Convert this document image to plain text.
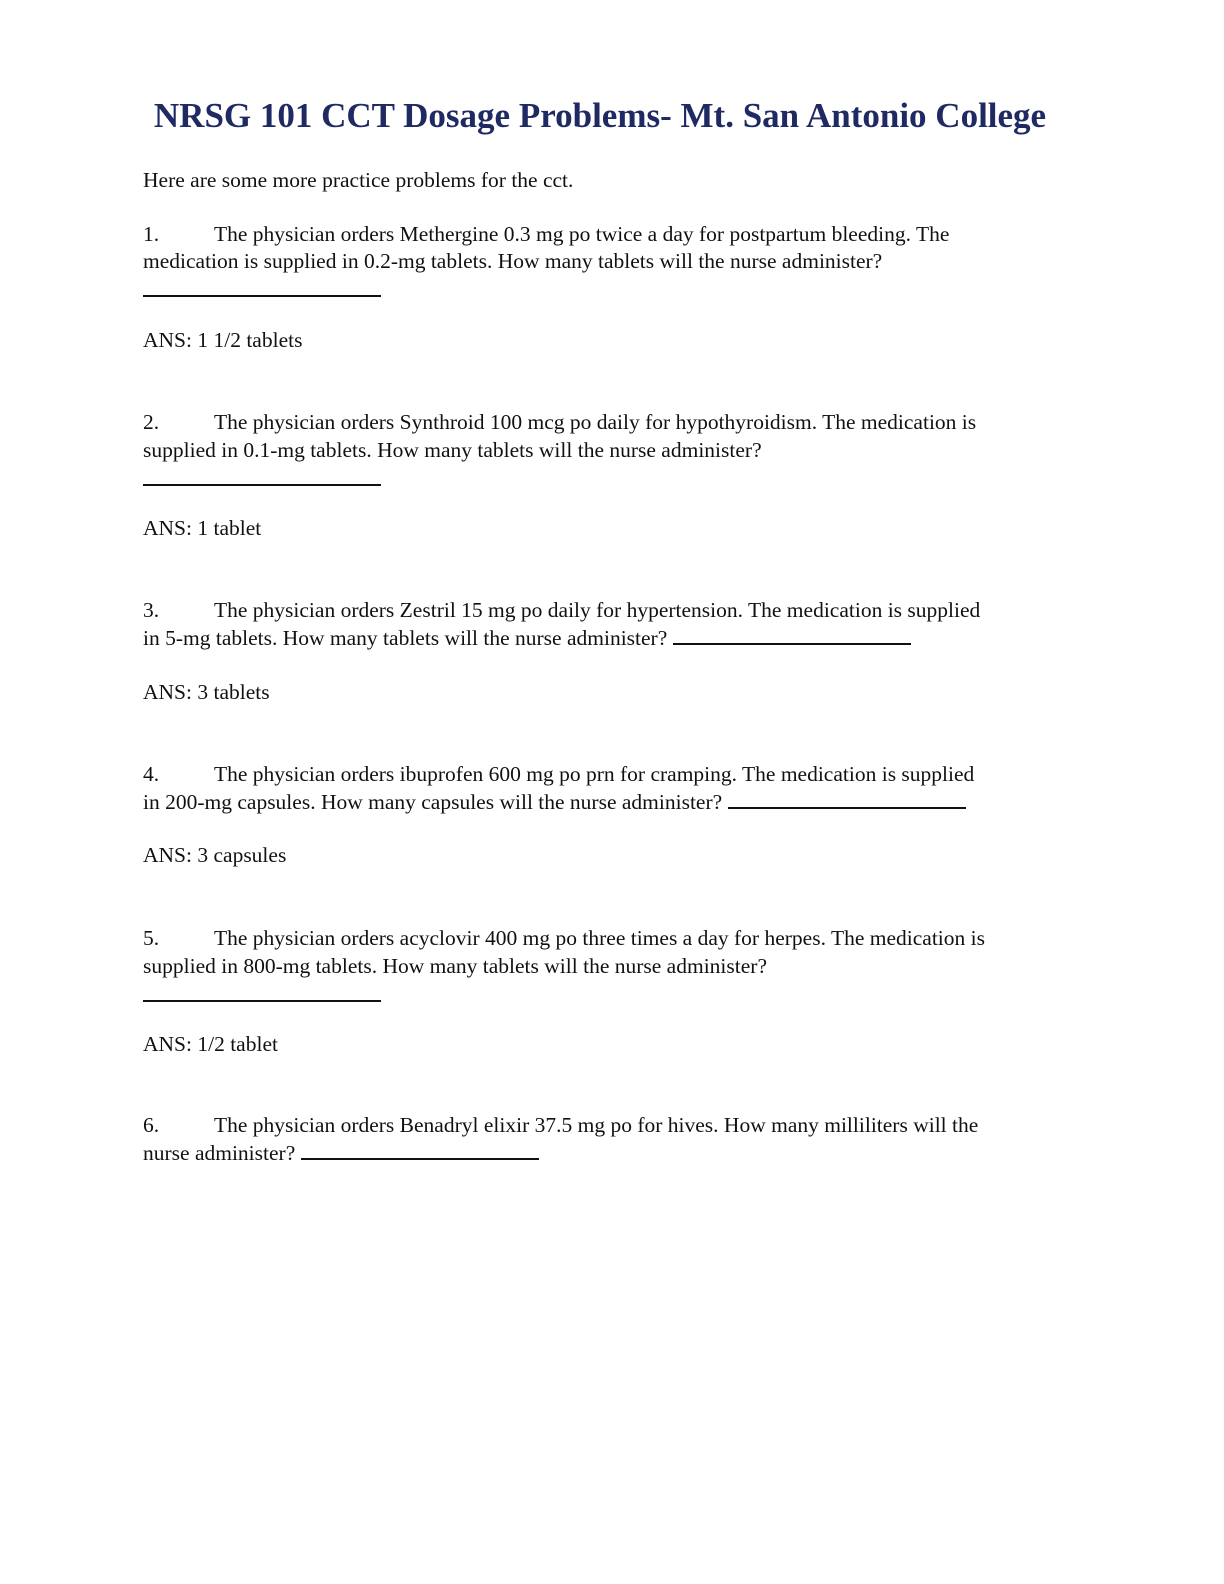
NRSG 101 CCT Dosage Problems- Mt. San Antonio College

Here are some more practice problems for the cct.

1.	The physician orders Methergine 0.3 mg po twice a day for postpartum bleeding. The

medication is supplied in 0.2-mg tablets. How many tablets will the nurse administer?

ANS: 1 1/2 tablets

2.	The physician orders Synthroid 100 mcg po daily for hypothyroidism. The medication is

supplied in 0.1-mg tablets. How many tablets will the nurse administer?

ANS: 1 tablet

3.	The physician orders Zestril 15 mg po daily for hypertension. The medication is supplied

in 5-mg tablets. How many tablets will the nurse administer?

ANS: 3 tablets

4.	The physician orders ibuprofen 600 mg po prn for cramping. The medication is supplied

in 200-mg capsules. How many capsules will the nurse administer?

ANS: 3 capsules

5.	The physician orders acyclovir 400 mg po three times a day for herpes. The medication is

supplied in 800-mg tablets. How many tablets will the nurse administer?

ANS: 1/2 tablet

6.	The physician orders Benadryl elixir 37.5 mg po for hives. How many milliliters will the

nurse administer?
